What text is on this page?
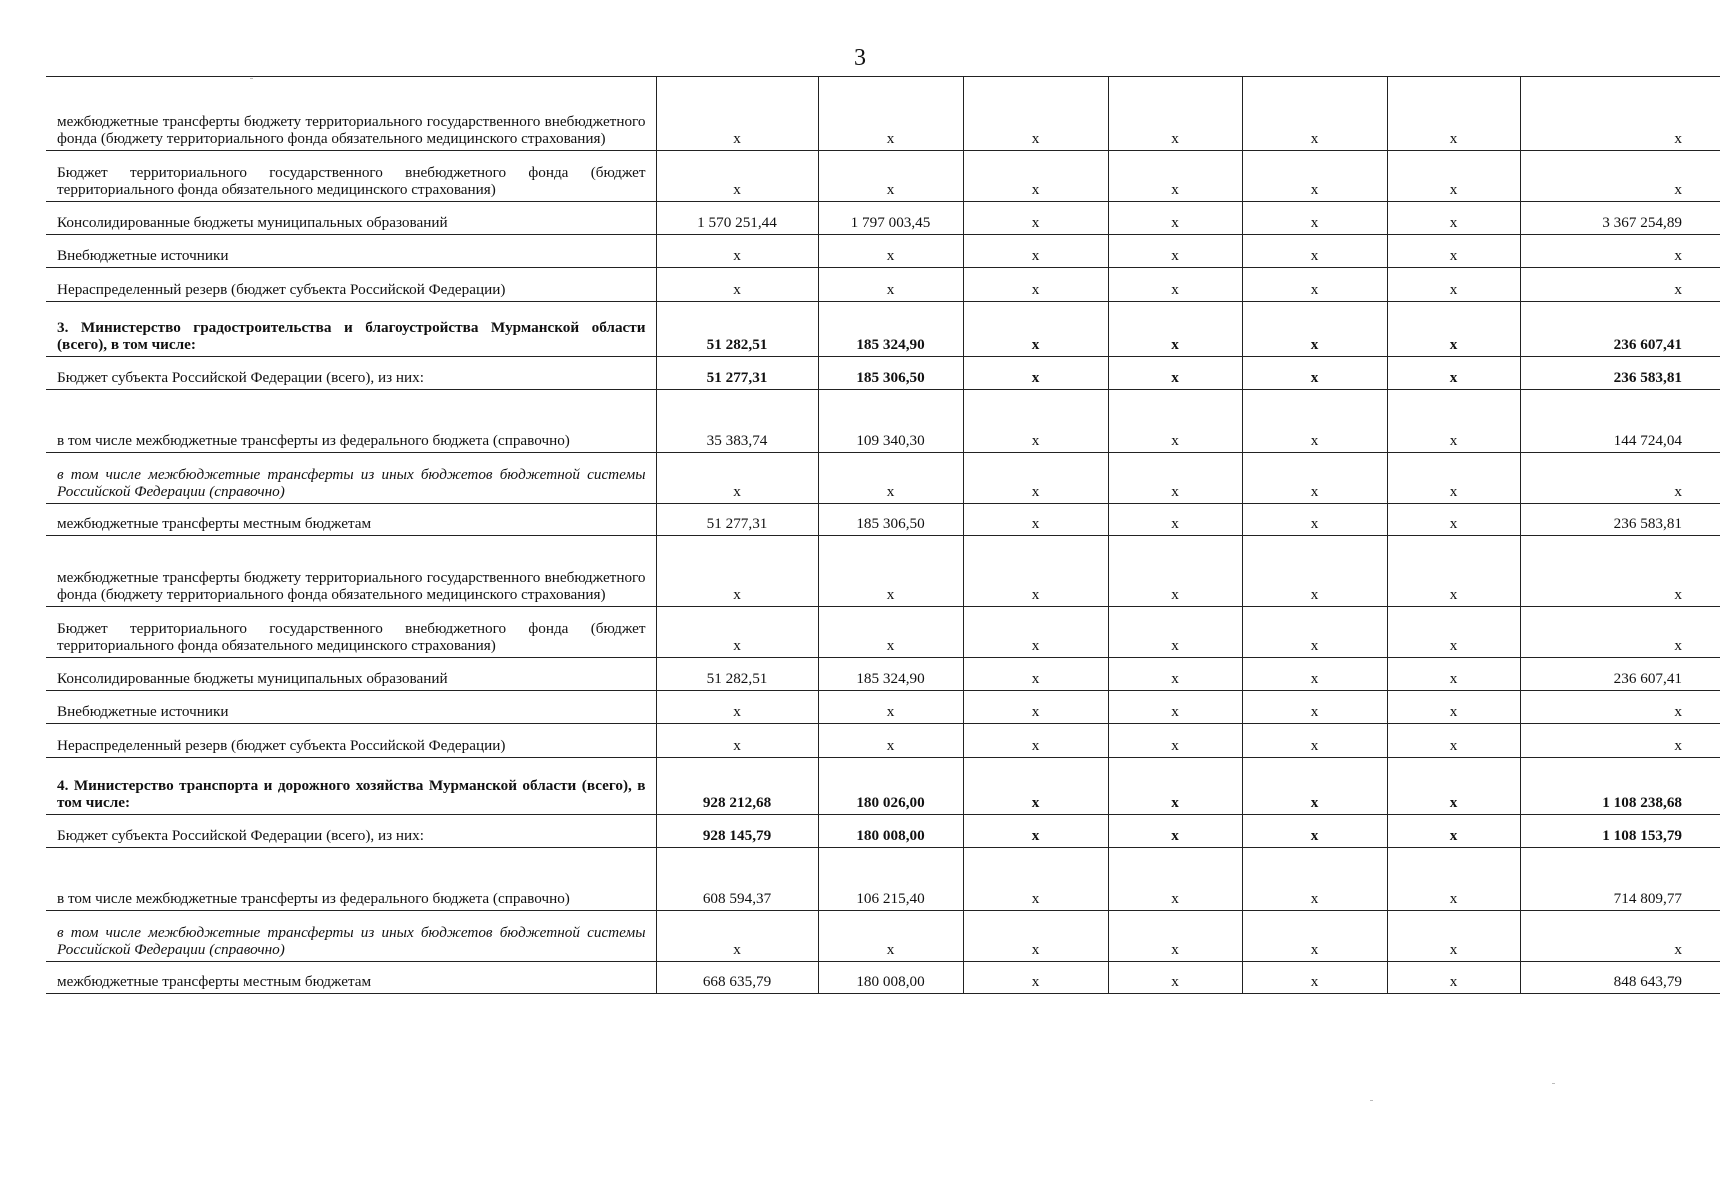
3
межбюджетные трансферты бюджету территориального государственного внебюджетного фонда (бюджету территориального фонда обязательного медицинского страхования)	x	x	x	x	x	x	x
Бюджет территориального государственного внебюджетного фонда (бюджет территориального фонда обязательного медицинского страхования)	x	x	x	x	x	x	x
Консолидированные бюджеты муниципальных образований	1 570 251,44	1 797 003,45	x	x	x	x	3 367 254,89
Внебюджетные источники	x	x	x	x	x	x	x
Нераспределенный резерв (бюджет субъекта Российской Федерации)	x	x	x	x	x	x	x
3. Министерство градостроительства и благоустройства Мурманской области (всего), в том числе:	51 282,51	185 324,90	x	x	x	x	236 607,41
Бюджет субъекта Российской Федерации (всего), из них:	51 277,31	185 306,50	x	x	x	x	236 583,81
в том числе межбюджетные трансферты из федерального бюджета (справочно)	35 383,74	109 340,30	x	x	x	x	144 724,04
в том числе межбюджетные трансферты из иных бюджетов бюджетной системы Российской Федерации (справочно)	x	x	x	x	x	x	x
межбюджетные трансферты местным бюджетам	51 277,31	185 306,50	x	x	x	x	236 583,81
межбюджетные трансферты бюджету территориального государственного внебюджетного фонда (бюджету территориального фонда обязательного медицинского страхования)	x	x	x	x	x	x	x
Бюджет территориального государственного внебюджетного фонда (бюджет территориального фонда обязательного медицинского страхования)	x	x	x	x	x	x	x
Консолидированные бюджеты муниципальных образований	51 282,51	185 324,90	x	x	x	x	236 607,41
Внебюджетные источники	x	x	x	x	x	x	x
Нераспределенный резерв (бюджет субъекта Российской Федерации)	x	x	x	x	x	x	x
4. Министерство транспорта и дорожного хозяйства Мурманской области (всего), в том числе:	928 212,68	180 026,00	x	x	x	x	1 108 238,68
Бюджет субъекта Российской Федерации (всего), из них:	928 145,79	180 008,00	x	x	x	x	1 108 153,79
в том числе межбюджетные трансферты из федерального бюджета (справочно)	608 594,37	106 215,40	x	x	x	x	714 809,77
в том числе межбюджетные трансферты из иных бюджетов бюджетной системы Российской Федерации (справочно)	x	x	x	x	x	x	x
межбюджетные трансферты местным бюджетам	668 635,79	180 008,00	x	x	x	x	848 643,79
